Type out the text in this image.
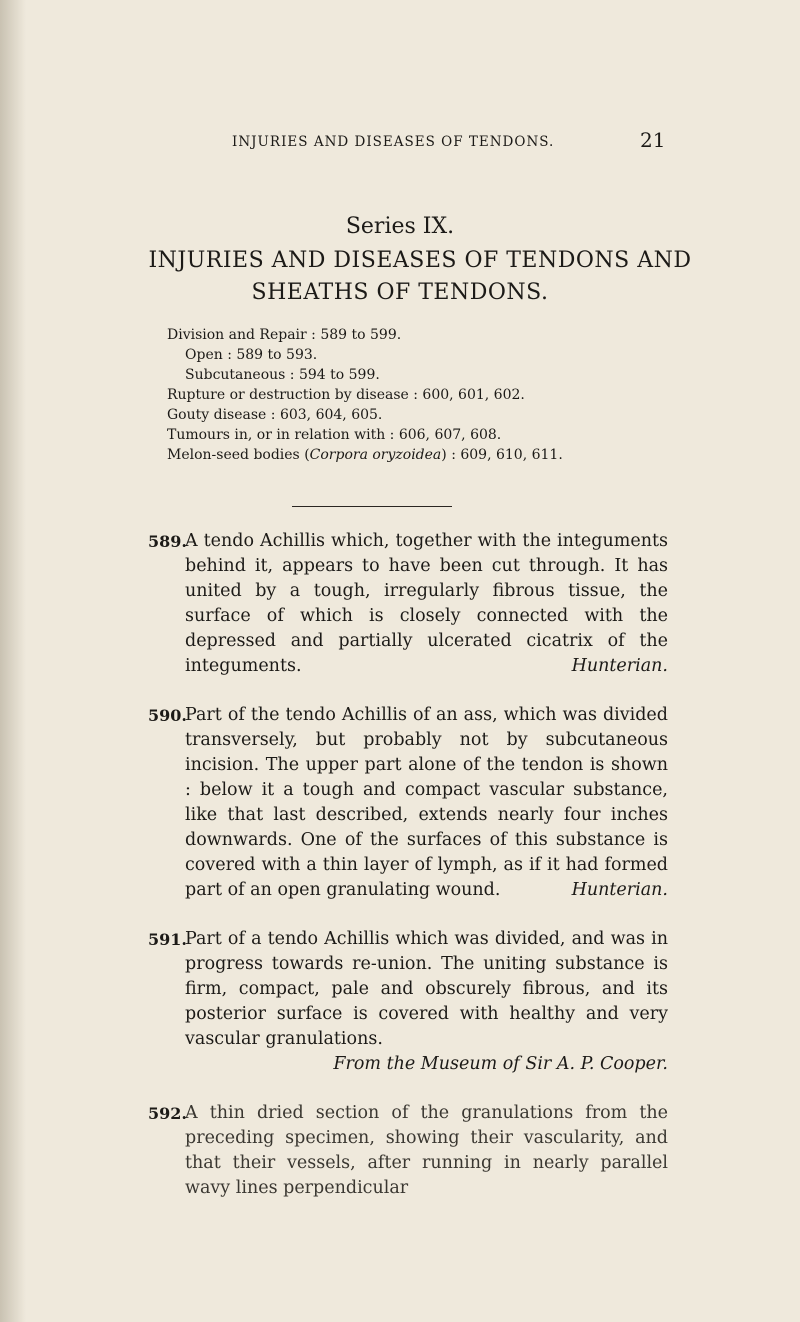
INJURIES AND DISEASES OF TENDONS.	21
Series IX.
INJURIES AND DISEASES OF TENDONS AND
SHEATHS OF TENDONS.
Division and Repair : 589 to 599.
Open : 589 to 593.
Subcutaneous : 594 to 599.
Rupture or destruction by disease : 600, 601, 602.
Gouty disease : 603, 604, 605.
Tumours in, or in relation with : 606, 607, 608.
Melon-seed bodies (Corpora oryzoidea) : 609, 610, 611.
589.
A tendo Achillis which, together with the integuments behind it, appears to have been cut through. It has united by a tough, irregularly fibrous tissue, the surface of which is closely connected with the depressed and partially ulcerated cicatrix of the integuments.	Hunterian.
590.
Part of the tendo Achillis of an ass, which was divided transversely, but probably not by subcutaneous incision. The upper part alone of the tendon is shown : below it a tough and compact vascular substance, like that last described, extends nearly four inches downwards. One of the surfaces of this substance is covered with a thin layer of lymph, as if it had formed part of an open granulating wound.	Hunterian.
591.
Part of a tendo Achillis which was divided, and was in progress towards re-union. The uniting substance is firm, compact, pale and obscurely fibrous, and its posterior surface is covered with healthy and very vascular granulations.
From the Museum of Sir A. P. Cooper.
592.
A thin dried section of the granulations from the preceding specimen, showing their vascularity, and that their vessels, after running in nearly parallel wavy lines perpendicular
